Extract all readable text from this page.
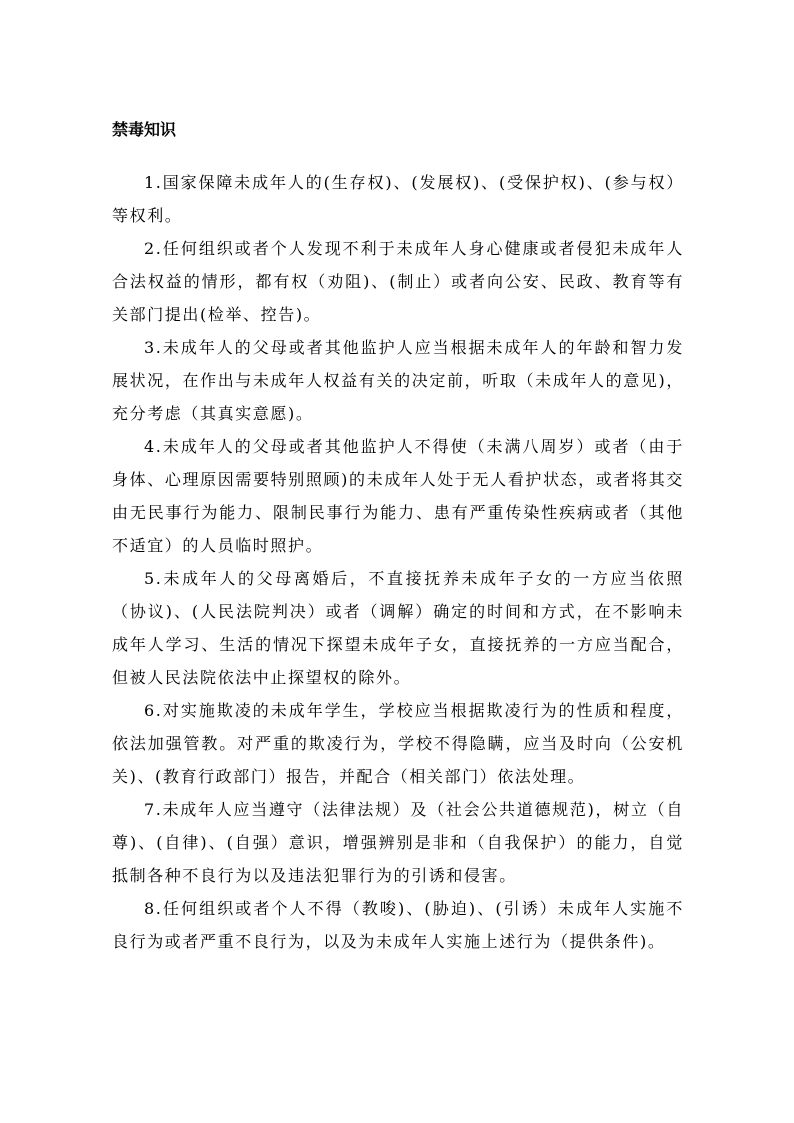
禁毒知识

1.国家保障未成年人的(生存权)、(发展权)、(受保护权)、(参与权）等权利。

2.任何组织或者个人发现不利于未成年人身心健康或者侵犯未成年人合法权益的情形，都有权（劝阻)、(制止）或者向公安、民政、教育等有关部门提出(检举、控告)。

3.未成年人的父母或者其他监护人应当根据未成年人的年龄和智力发展状况，在作出与未成年人权益有关的决定前，听取（未成年人的意见)，充分考虑（其真实意愿)。

4.未成年人的父母或者其他监护人不得使（未满八周岁）或者（由于身体、心理原因需要特别照顾)的未成年人处于无人看护状态，或者将其交由无民事行为能力、限制民事行为能力、患有严重传染性疾病或者（其他不适宜）的人员临时照护。

5.未成年人的父母离婚后，不直接抚养未成年子女的一方应当依照（协议)、(人民法院判决）或者（调解）确定的时间和方式，在不影响未成年人学习、生活的情况下探望未成年子女，直接抚养的一方应当配合，但被人民法院依法中止探望权的除外。

6.对实施欺凌的未成年学生，学校应当根据欺凌行为的性质和程度，依法加强管教。对严重的欺凌行为，学校不得隐瞒，应当及时向（公安机关)、(教育行政部门）报告，并配合（相关部门）依法处理。

7.未成年人应当遵守（法律法规）及（社会公共道德规范)，树立（自尊)、(自律)、(自强）意识，增强辨别是非和（自我保护）的能力，自觉抵制各种不良行为以及违法犯罪行为的引诱和侵害。

8.任何组织或者个人不得（教唆)、(胁迫)、(引诱）未成年人实施不良行为或者严重不良行为，以及为未成年人实施上述行为（提供条件)。
